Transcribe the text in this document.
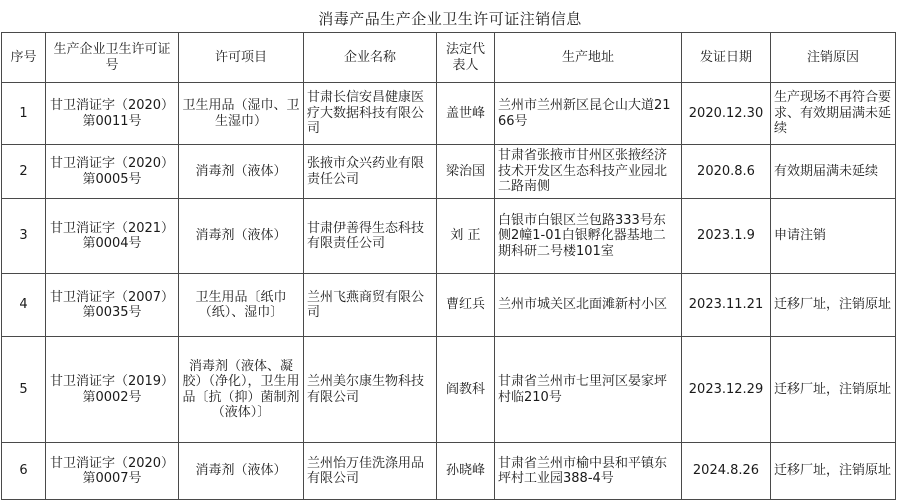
消毒产品生产企业卫生许可证注销信息
序号	生产企业卫生许可证号	许可项目	企业名称	法定代表人	生产地址	发证日期	注销原因
1	甘卫消证字（2020）第0011号	卫生用品（湿巾、卫生湿巾）	甘肃长信安昌健康医疗大数据科技有限公司	盖世峰	兰州市兰州新区昆仑山大道2166号	2020.12.30	生产现场不再符合要求、有效期届满未延续
2	甘卫消证字（2020）第0005号	消毒剂（液体）	张掖市众兴药业有限责任公司	梁治国	甘肃省张掖市甘州区张掖经济技术开发区生态科技产业园北二路南侧	2020.8.6	有效期届满未延续
3	甘卫消证字（2021）第0004号	消毒剂（液体）	甘肃伊善得生态科技有限责任公司	刘 正	白银市白银区兰包路333号东侧2幢1-01白银孵化器基地二期科研二号楼101室	2023.1.9	申请注销
4	甘卫消证字（2007）第0035号	卫生用品〔纸巾（纸）、湿巾〕	兰州飞燕商贸有限公司	曹红兵	兰州市城关区北面滩新村小区	2023.11.21	迁移厂址，注销原址
5	甘卫消证字（2019）第0002号	消毒剂（液体、凝胶）（净化），卫生用品〔抗（抑）菌制剂（液体）〕	兰州美尔康生物科技有限公司	阎教科	甘肃省兰州市七里河区晏家坪村临210号	2023.12.29	迁移厂址，注销原址
6	甘卫消证字（2020）第0007号	消毒剂（液体）	兰州怡万佳洗涤用品有限公司	孙晓峰	甘肃省兰州市榆中县和平镇东坪村工业园388-4号	2024.8.26	迁移厂址，注销原址
